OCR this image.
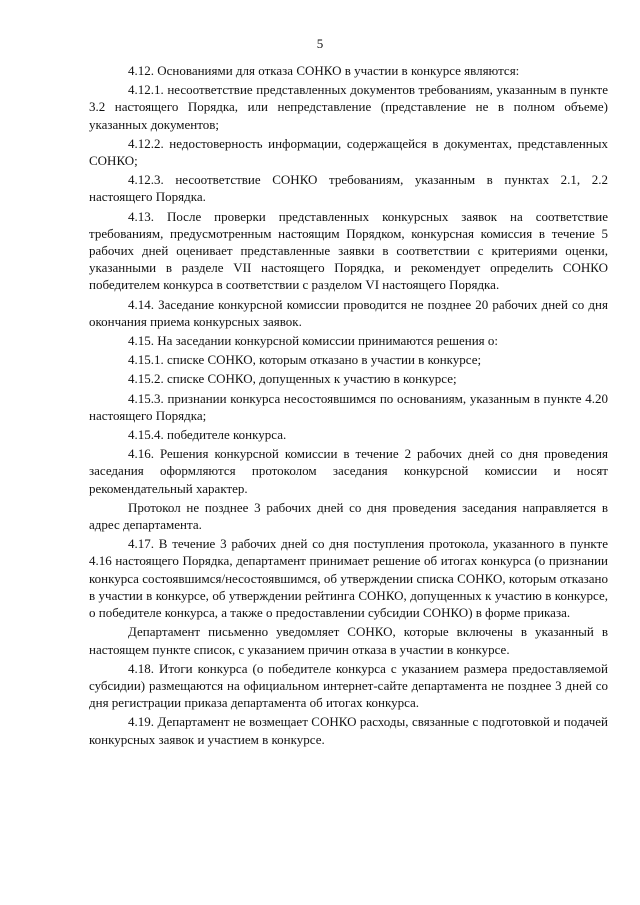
5

4.12. Основаниями для отказа СОНКО в участии в конкурсе являются:

4.12.1. несоответствие представленных документов требованиям, указанным в пункте 3.2 настоящего Порядка, или непредставление (представление не в полном объеме) указанных документов;

4.12.2. недостоверность информации, содержащейся в документах, представленных СОНКО;

4.12.3. несоответствие СОНКО требованиям, указанным в пунктах 2.1, 2.2 настоящего Порядка.

4.13. После проверки представленных конкурсных заявок на соответствие требованиям, предусмотренным настоящим Порядком, конкурсная комиссия в течение 5 рабочих дней оценивает представленные заявки в соответствии с критериями оценки, указанными в разделе VII настоящего Порядка, и рекомендует определить СОНКО победителем конкурса в соответствии с разделом VI настоящего Порядка.

4.14. Заседание конкурсной комиссии проводится не позднее 20 рабочих дней со дня окончания приема конкурсных заявок.

4.15. На заседании конкурсной комиссии принимаются решения о:

4.15.1. списке СОНКО, которым отказано в участии в конкурсе;

4.15.2. списке СОНКО, допущенных к участию в конкурсе;

4.15.3. признании конкурса несостоявшимся по основаниям, указанным в пункте 4.20 настоящего Порядка;

4.15.4. победителе конкурса.

4.16. Решения конкурсной комиссии в течение 2 рабочих дней со дня проведения заседания оформляются протоколом заседания конкурсной комиссии и носят рекомендательный характер.

Протокол не позднее 3 рабочих дней со дня проведения заседания направляется в адрес департамента.

4.17. В течение 3 рабочих дней со дня поступления протокола, указанного в пункте 4.16 настоящего Порядка, департамент принимает решение об итогах конкурса (о признании конкурса состоявшимся/несостоявшимся, об утверждении списка СОНКО, которым отказано в участии в конкурсе, об утверждении рейтинга СОНКО, допущенных к участию в конкурсе, о победителе конкурса, а также о предоставлении субсидии СОНКО) в форме приказа.

Департамент письменно уведомляет СОНКО, которые включены в указанный в настоящем пункте список, с указанием причин отказа в участии в конкурсе.

4.18. Итоги конкурса (о победителе конкурса с указанием размера предоставляемой субсидии) размещаются на официальном интернет-сайте департамента не позднее 3 дней со дня регистрации приказа департамента об итогах конкурса.

4.19. Департамент не возмещает СОНКО расходы, связанные с подготовкой и подачей конкурсных заявок и участием в конкурсе.
